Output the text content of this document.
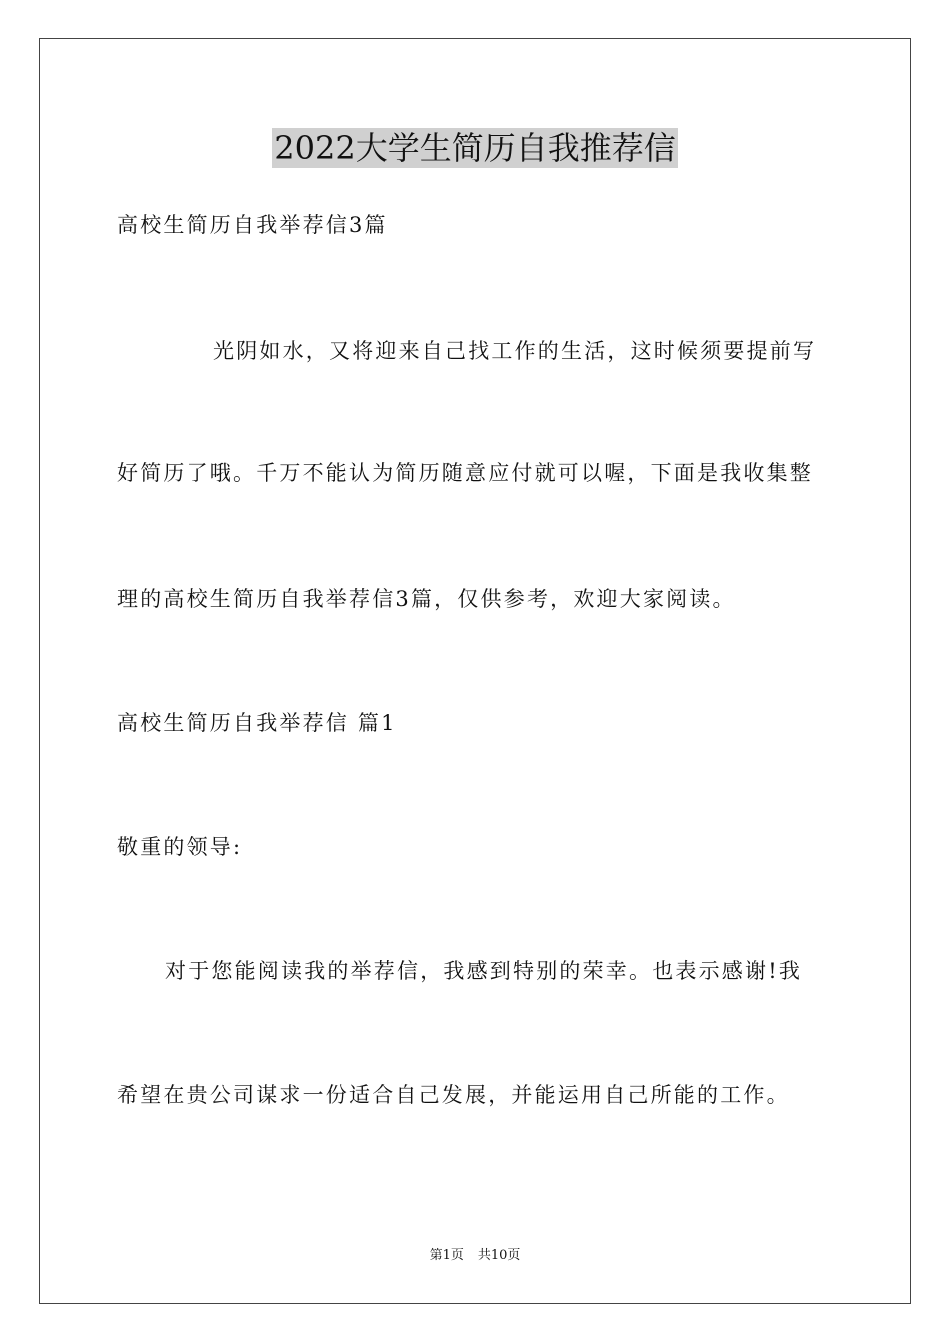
2022大学生简历自我推荐信
高校生简历自我举荐信3篇
光阴如水，又将迎来自己找工作的生活，这时候须要提前写
好简历了哦。千万不能认为简历随意应付就可以喔，下面是我收集整
理的高校生简历自我举荐信3篇，仅供参考，欢迎大家阅读。
高校生简历自我举荐信 篇1
敬重的领导:
对于您能阅读我的举荐信，我感到特别的荣幸。也表示感谢!我
希望在贵公司谋求一份适合自己发展，并能运用自己所能的工作。
第1页 共10页
